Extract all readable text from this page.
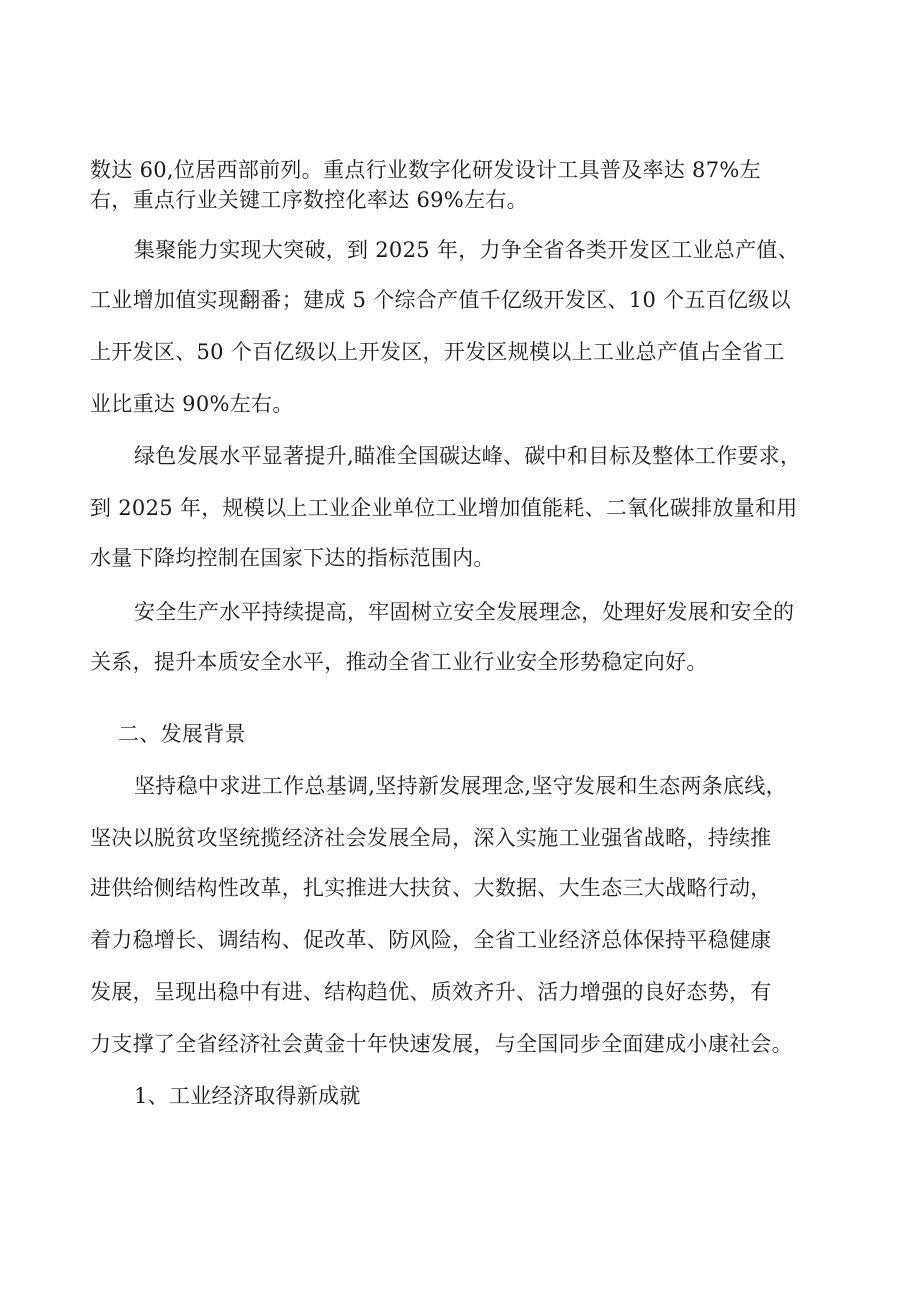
数达 60,位居西部前列。重点行业数字化研发设计工具普及率达 87%左
右，重点行业关键工序数控化率达 69%左右。
集聚能力实现大突破，到 2025 年，力争全省各类开发区工业总产值、
工业增加值实现翻番；建成 5 个综合产值千亿级开发区、10 个五百亿级以
上开发区、50 个百亿级以上开发区，开发区规模以上工业总产值占全省工
业比重达 90%左右。
绿色发展水平显著提升,瞄准全国碳达峰、碳中和目标及整体工作要求，
到 2025 年，规模以上工业企业单位工业增加值能耗、二氧化碳排放量和用
水量下降均控制在国家下达的指标范围内。
安全生产水平持续提高，牢固树立安全发展理念，处理好发展和安全的
关系，提升本质安全水平，推动全省工业行业安全形势稳定向好。
二、发展背景
坚持稳中求进工作总基调,坚持新发展理念,坚守发展和生态两条底线，
坚决以脱贫攻坚统揽经济社会发展全局，深入实施工业强省战略，持续推
进供给侧结构性改革，扎实推进大扶贫、大数据、大生态三大战略行动，
着力稳增长、调结构、促改革、防风险，全省工业经济总体保持平稳健康
发展，呈现出稳中有进、结构趋优、质效齐升、活力增强的良好态势，有
力支撑了全省经济社会黄金十年快速发展，与全国同步全面建成小康社会。
1、工业经济取得新成就
